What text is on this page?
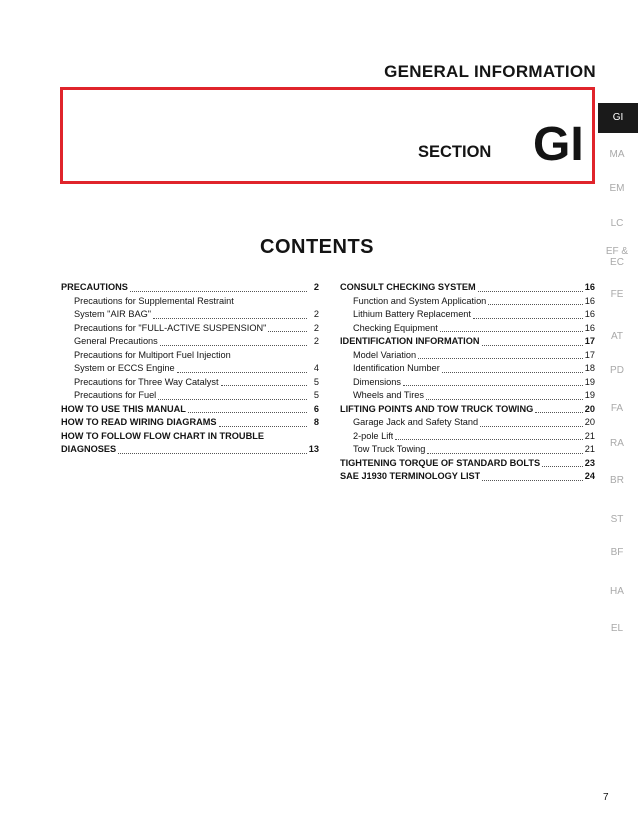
GENERAL INFORMATION
SECTION GI
CONTENTS
PRECAUTIONS	2
Precautions for Supplemental Restraint
System "AIR BAG"	2
Precautions for "FULL-ACTIVE SUSPENSION"	2
General Precautions	2
Precautions for Multiport Fuel Injection
System or ECCS Engine	4
Precautions for Three Way Catalyst	5
Precautions for Fuel	5
HOW TO USE THIS MANUAL	6
HOW TO READ WIRING DIAGRAMS	8
HOW TO FOLLOW FLOW CHART IN TROUBLE
DIAGNOSES	13
CONSULT CHECKING SYSTEM	16
Function and System Application	16
Lithium Battery Replacement	16
Checking Equipment	16
IDENTIFICATION INFORMATION	17
Model Variation	17
Identification Number	18
Dimensions	19
Wheels and Tires	19
LIFTING POINTS AND TOW TRUCK TOWING	20
Garage Jack and Safety Stand	20
2-pole Lift	21
Tow Truck Towing	21
TIGHTENING TORQUE OF STANDARD BOLTS	23
SAE J1930 TERMINOLOGY LIST	24
GI
MA
EM
LC
EF &
EC
FE
AT
PD
FA
RA
BR
ST
BF
HA
EL
7
